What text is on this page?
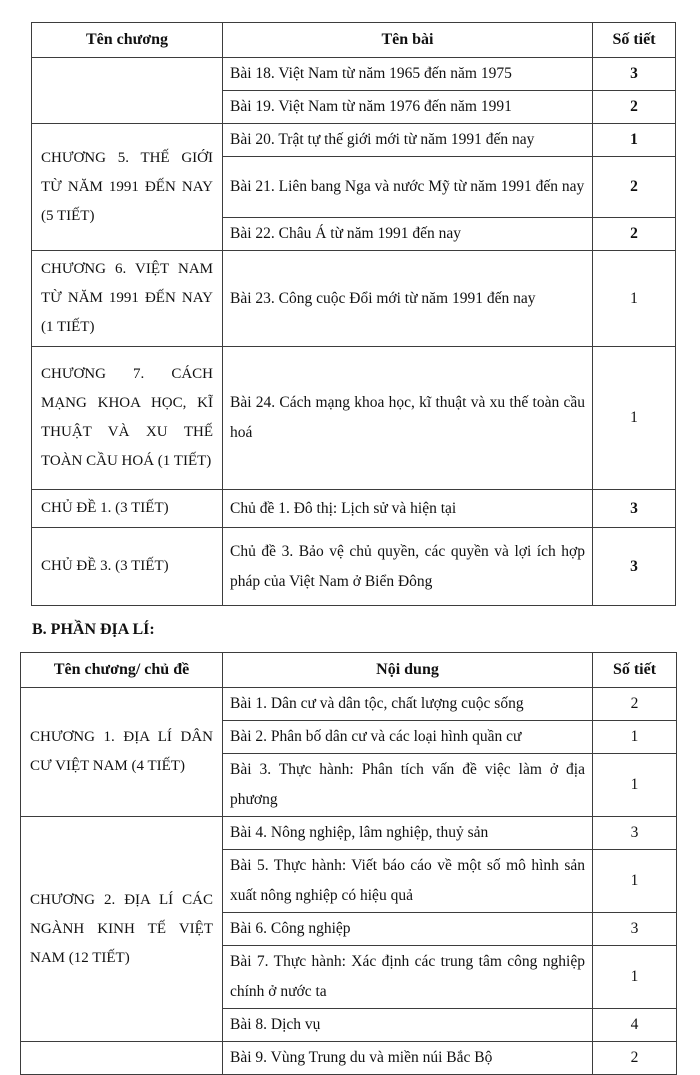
Tên chương	Tên bài	Số tiết
	Bài 18. Việt Nam từ năm 1965 đến năm 1975	3
	Bài 19. Việt Nam từ năm 1976 đến năm 1991	2
CHƯƠNG 5. THẾ GIỚI TỪ NĂM 1991 ĐẾN NAY (5 TIẾT)	Bài 20. Trật tự thế giới mới từ năm 1991 đến nay	1
	Bài 21. Liên bang Nga và nước Mỹ từ năm 1991 đến nay	2
	Bài 22. Châu Á từ năm 1991 đến nay	2
CHƯƠNG 6. VIỆT NAM TỪ NĂM 1991 ĐẾN NAY (1 TIẾT)	Bài 23. Công cuộc Đổi mới từ năm 1991 đến nay	1
CHƯƠNG 7. CÁCH MẠNG KHOA HỌC, KĨ THUẬT VÀ XU THẾ TOÀN CẦU HOÁ (1 TIẾT)	Bài 24. Cách mạng khoa học, kĩ thuật và xu thế toàn cầu hoá	1
CHỦ ĐỀ 1. (3 TIẾT)	Chủ đề 1. Đô thị: Lịch sử và hiện tại	3
CHỦ ĐỀ 3. (3 TIẾT)	Chủ đề 3. Bảo vệ chủ quyền, các quyền và lợi ích hợp pháp của Việt Nam ở Biển Đông	3
B. PHẦN ĐỊA LÍ:
Tên chương/ chủ đề	Nội dung	Số tiết
CHƯƠNG 1. ĐỊA LÍ DÂN CƯ VIỆT NAM (4 TIẾT)	Bài 1. Dân cư và dân tộc, chất lượng cuộc sống	2
	Bài 2. Phân bố dân cư và các loại hình quần cư	1
	Bài 3. Thực hành: Phân tích vấn đề việc làm ở địa phương	1
CHƯƠNG 2. ĐỊA LÍ CÁC NGÀNH KINH TẾ VIỆT NAM (12 TIẾT)	Bài 4. Nông nghiệp, lâm nghiệp, thuỷ sản	3
	Bài 5. Thực hành: Viết báo cáo về một số mô hình sản xuất nông nghiệp có hiệu quả	1
	Bài 6. Công nghiệp	3
	Bài 7. Thực hành: Xác định các trung tâm công nghiệp chính ở nước ta	1
	Bài 8. Dịch vụ	4
	Bài 9. Vùng Trung du và miền núi Bắc Bộ	2
